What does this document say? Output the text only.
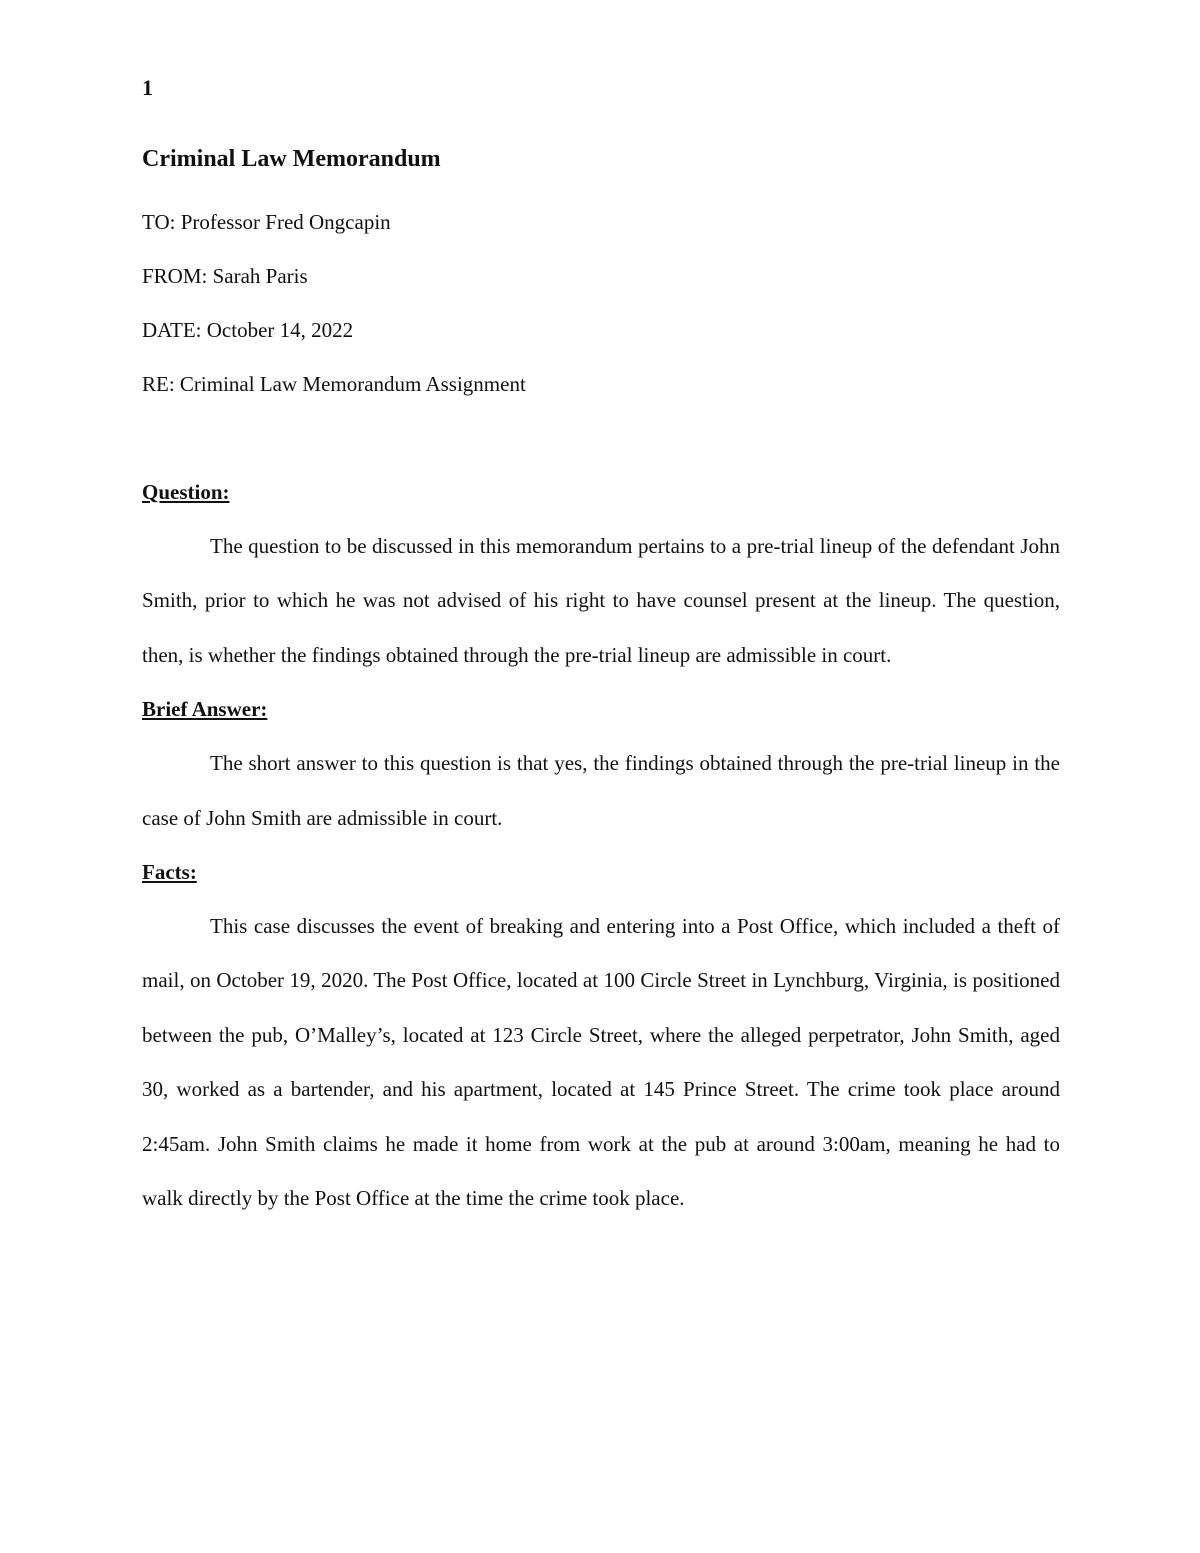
1
Criminal Law Memorandum
TO: Professor Fred Ongcapin
FROM: Sarah Paris
DATE: October 14, 2022
RE: Criminal Law Memorandum Assignment
Question:

The question to be discussed in this memorandum pertains to a pre-trial lineup of the defendant John Smith, prior to which he was not advised of his right to have counsel present at the lineup. The question, then, is whether the findings obtained through the pre-trial lineup are admissible in court.

Brief Answer:

The short answer to this question is that yes, the findings obtained through the pre-trial lineup in the case of John Smith are admissible in court.

Facts:

This case discusses the event of breaking and entering into a Post Office, which included a theft of mail, on October 19, 2020. The Post Office, located at 100 Circle Street in Lynchburg, Virginia, is positioned between the pub, O’Malley’s, located at 123 Circle Street, where the alleged perpetrator, John Smith, aged 30, worked as a bartender, and his apartment, located at 145 Prince Street. The crime took place around 2:45am. John Smith claims he made it home from work at the pub at around 3:00am, meaning he had to walk directly by the Post Office at the time the crime took place.
